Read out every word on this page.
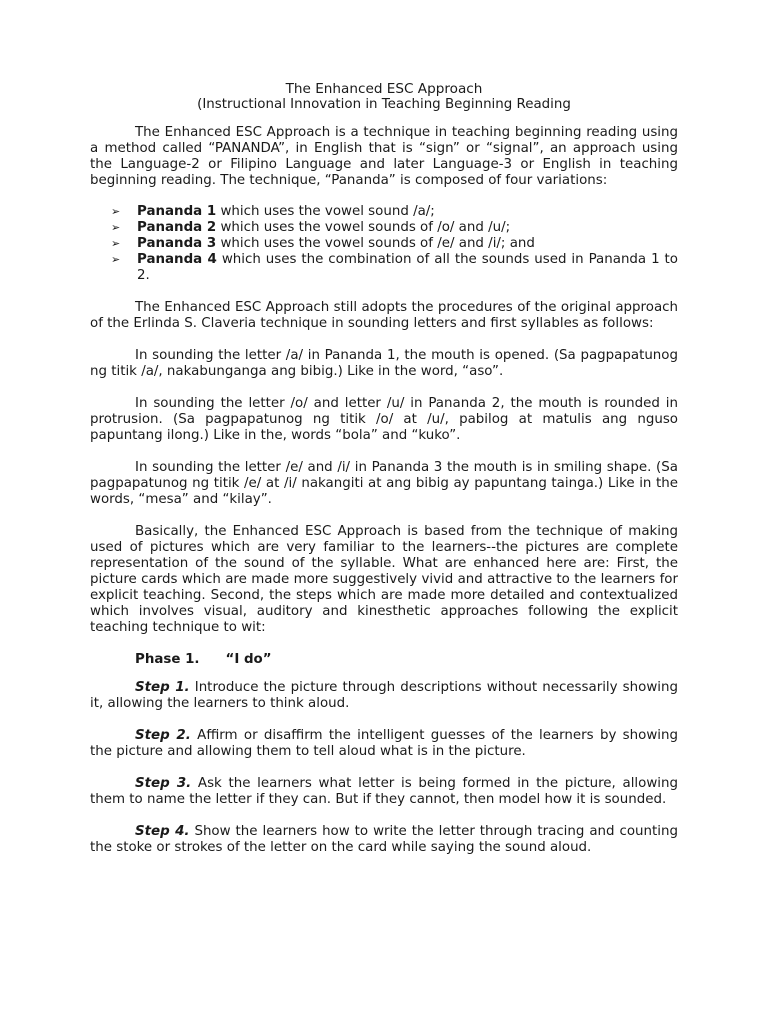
The Enhanced ESC Approach
(Instructional Innovation in Teaching Beginning Reading

The Enhanced ESC Approach is a technique in teaching beginning reading using a method called “PANANDA”, in English that is “sign” or “signal”, an approach using the Language-2 or Filipino Language and later Language-3 or English in teaching beginning reading. The technique, “Pananda” is composed of four variations:

➢ Pananda 1 which uses the vowel sound /a/;
➢ Pananda 2 which uses the vowel sounds of /o/ and /u/;
➢ Pananda 3 which uses the vowel sounds of /e/ and /i/; and
➢ Pananda 4 which uses the combination of all the sounds used in Pananda 1 to 2.

The Enhanced ESC Approach still adopts the procedures of the original approach of the Erlinda S. Claveria technique in sounding letters and first syllables as follows:

In sounding the letter /a/ in Pananda 1, the mouth is opened. (Sa pagpapatunog ng titik /a/, nakabunganga ang bibig.) Like in the word, “aso”.

In sounding the letter /o/ and letter /u/ in Pananda 2, the mouth is rounded in protrusion. (Sa pagpapatunog ng titik /o/ at /u/, pabilog at matulis ang nguso papuntang ilong.) Like in the, words “bola” and “kuko”.

In sounding the letter /e/ and /i/ in Pananda 3 the mouth is in smiling shape. (Sa pagpapatunog ng titik /e/ at /i/ nakangiti at ang bibig ay papuntang tainga.) Like in the words, “mesa” and “kilay”.

Basically, the Enhanced ESC Approach is based from the technique of making used of pictures which are very familiar to the learners--the pictures are complete representation of the sound of the syllable. What are enhanced here are: First, the picture cards which are made more suggestively vivid and attractive to the learners for explicit teaching. Second, the steps which are made more detailed and contextualized which involves visual, auditory and kinesthetic approaches following the explicit teaching technique to wit:

Phase 1. “I do”

Step 1. Introduce the picture through descriptions without necessarily showing it, allowing the learners to think aloud.

Step 2. Affirm or disaffirm the intelligent guesses of the learners by showing the picture and allowing them to tell aloud what is in the picture.

Step 3. Ask the learners what letter is being formed in the picture, allowing them to name the letter if they can. But if they cannot, then model how it is sounded.

Step 4. Show the learners how to write the letter through tracing and counting the stoke or strokes of the letter on the card while saying the sound aloud.
